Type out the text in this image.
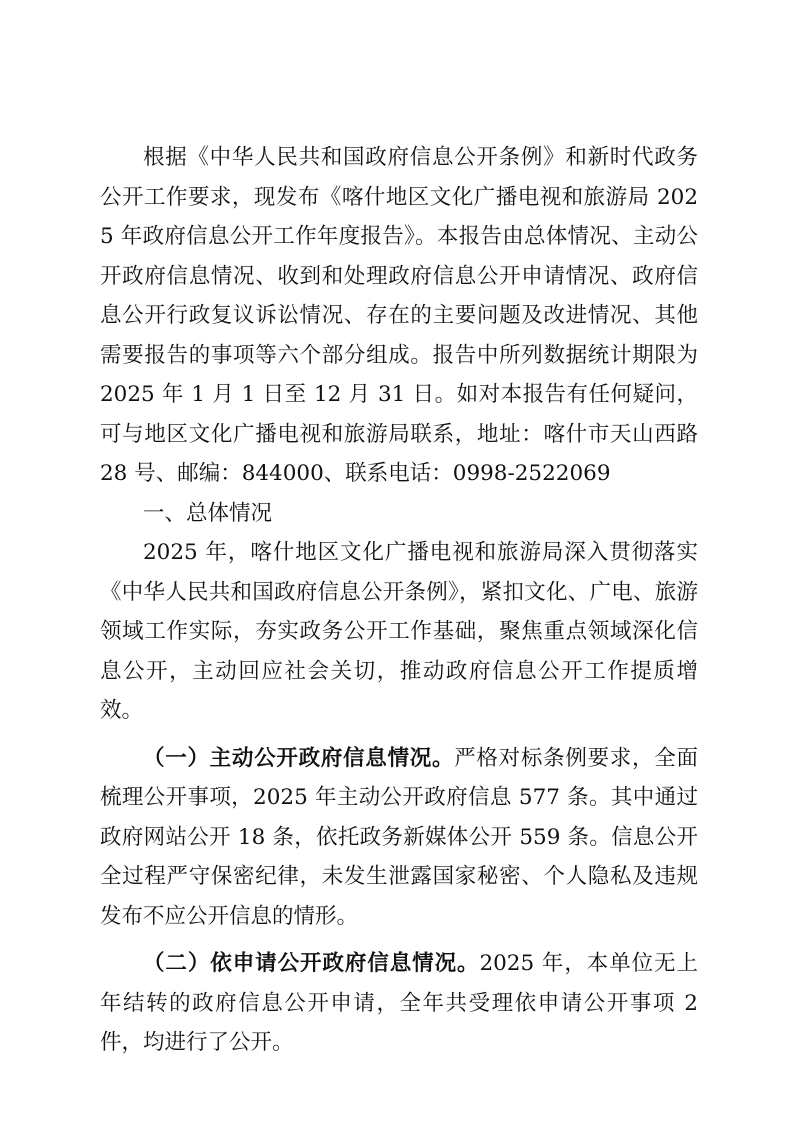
根据《中华人民共和国政府信息公开条例》和新时代政务公开工作要求，现发布《喀什地区文化广播电视和旅游局 2025 年政府信息公开工作年度报告》。本报告由总体情况、主动公开政府信息情况、收到和处理政府信息公开申请情况、政府信息公开行政复议诉讼情况、存在的主要问题及改进情况、其他需要报告的事项等六个部分组成。报告中所列数据统计期限为 2025 年 1 月 1 日至 12 月 31 日。如对本报告有任何疑问，可与地区文化广播电视和旅游局联系，地址：喀什市天山西路 28 号、邮编：844000、联系电话：0998-2522069

一、总体情况

2025 年，喀什地区文化广播电视和旅游局深入贯彻落实《中华人民共和国政府信息公开条例》，紧扣文化、广电、旅游领域工作实际，夯实政务公开工作基础，聚焦重点领域深化信息公开，主动回应社会关切，推动政府信息公开工作提质增效。

（一）主动公开政府信息情况。严格对标条例要求，全面梳理公开事项，2025 年主动公开政府信息 577 条。其中通过政府网站公开 18 条，依托政务新媒体公开 559 条。信息公开全过程严守保密纪律，未发生泄露国家秘密、个人隐私及违规发布不应公开信息的情形。

（二）依申请公开政府信息情况。2025 年，本单位无上年结转的政府信息公开申请，全年共受理依申请公开事项 2 件，均进行了公开。
